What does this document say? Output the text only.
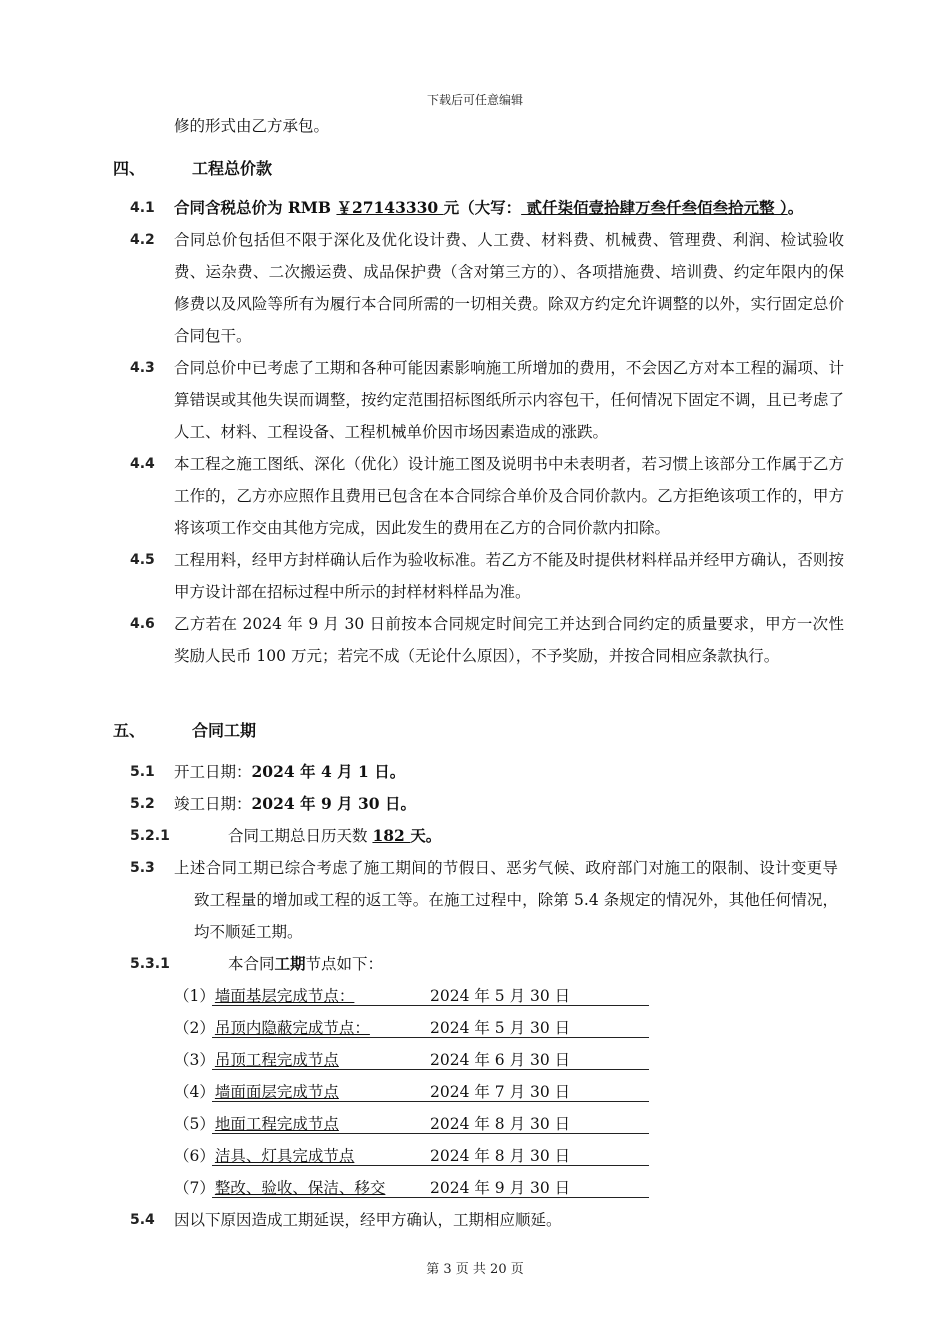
下载后可任意编辑
修的形式由乙方承包。
四、	工程总价款
4.1 合同含税总价为 RMB ￥27143330 元（大写： 贰仟柒佰壹拾肆万叁仟叁佰叁拾元整 ）。
4.2 合同总价包括但不限于深化及优化设计费、人工费、材料费、机械费、管理费、利润、检试验收费、运杂费、二次搬运费、成品保护费（含对第三方的）、各项措施费、培训费、约定年限内的保修费以及风险等所有为履行本合同所需的一切相关费。除双方约定允许调整的以外，实行固定总价合同包干。
4.3 合同总价中已考虑了工期和各种可能因素影响施工所增加的费用，不会因乙方对本工程的漏项、计算错误或其他失误而调整，按约定范围招标图纸所示内容包干，任何情况下固定不调，且已考虑了人工、材料、工程设备、工程机械单价因市场因素造成的涨跌。
4.4 本工程之施工图纸、深化（优化）设计施工图及说明书中未表明者，若习惯上该部分工作属于乙方工作的，乙方亦应照作且费用已包含在本合同综合单价及合同价款内。乙方拒绝该项工作的，甲方将该项工作交由其他方完成，因此发生的费用在乙方的合同价款内扣除。
4.5 工程用料，经甲方封样确认后作为验收标准。若乙方不能及时提供材料样品并经甲方确认，否则按甲方设计部在招标过程中所示的封样材料样品为准。
4.6 乙方若在 2024 年 9 月 30 日前按本合同规定时间完工并达到合同约定的质量要求，甲方一次性奖励人民币 100 万元；若完不成（无论什么原因），不予奖励，并按合同相应条款执行。
五、	合同工期
5.1 开工日期：2024 年 4 月 1 日。
5.2 竣工日期：2024 年 9 月 30 日。
5.2.1	合同工期总日历天数 182 天。
5.3 上述合同工期已综合考虑了施工期间的节假日、恶劣气候、政府部门对施工的限制、设计变更导致工程量的增加或工程的返工等。在施工过程中，除第 5.4 条规定的情况外，其他任何情况，均不顺延工期。
5.3.1	本合同工期节点如下：
（1）墙面基层完成节点：	2024 年 5 月 30 日
（2）吊顶内隐蔽完成节点：	2024 年 5 月 30 日
（3）吊顶工程完成节点	2024 年 6 月 30 日
（4）墙面面层完成节点	2024 年 7 月 30 日
（5）地面工程完成节点	2024 年 8 月 30 日
（6）洁具、灯具完成节点	2024 年 8 月 30 日
（7）整改、验收、保洁、移交	2024 年 9 月 30 日
5.4 因以下原因造成工期延误，经甲方确认，工期相应顺延。
第 3 页 共 20 页
